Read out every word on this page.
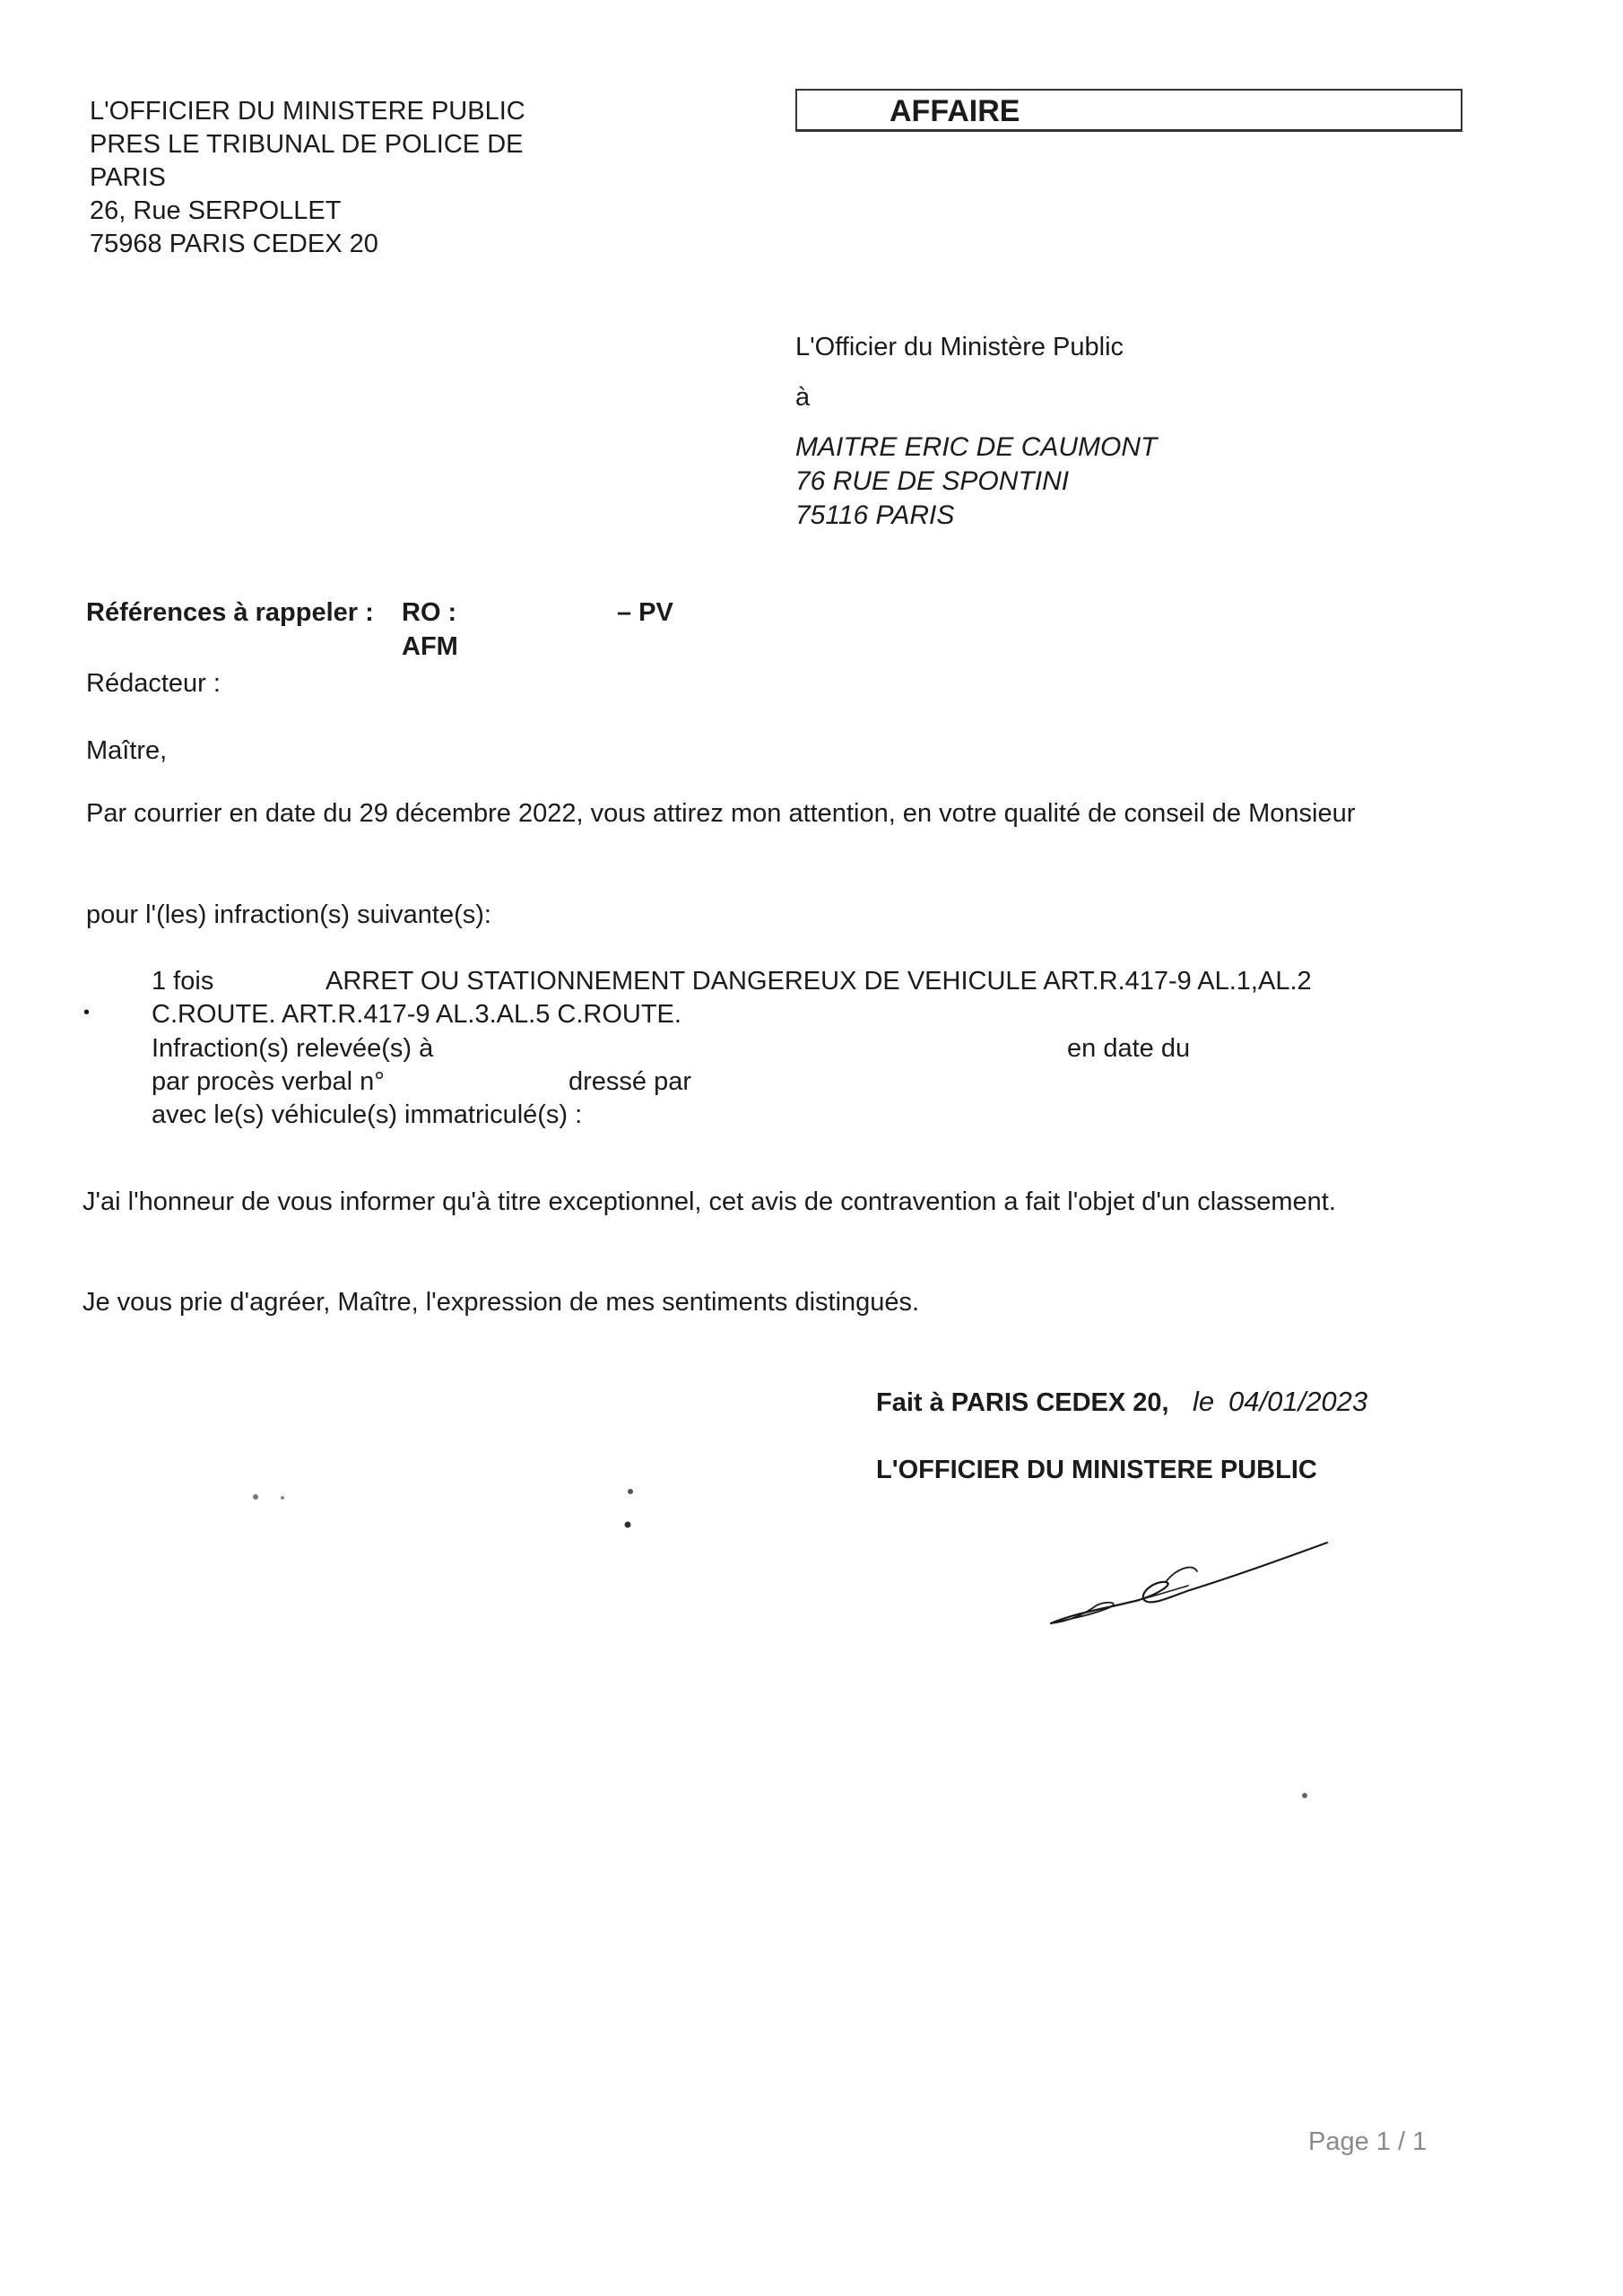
L'OFFICIER DU MINISTERE PUBLIC
PRES LE TRIBUNAL DE POLICE DE
PARIS
26, Rue SERPOLLET
75968 PARIS CEDEX 20
AFFAIRE
L'Officier du Ministère Public
à
MAITRE ERIC DE CAUMONT
76 RUE DE SPONTINI
75116 PARIS
Références à rappeler : RO :	– PV
AFM
Rédacteur :
Maître,
Par courrier en date du 29 décembre 2022, vous attirez mon attention, en votre qualité de conseil de Monsieur
pour l'(les) infraction(s) suivante(s):
1 fois	ARRET OU STATIONNEMENT DANGEREUX DE VEHICULE ART.R.417-9 AL.1,AL.2
• C.ROUTE. ART.R.417-9 AL.3.AL.5 C.ROUTE.
Infraction(s) relevée(s) à	en date du
par procès verbal n°	dressé par
avec le(s) véhicule(s) immatriculé(s) :
J'ai l'honneur de vous informer qu'à titre exceptionnel, cet avis de contravention a fait l'objet d'un classement.
Je vous prie d'agréer, Maître, l'expression de mes sentiments distingués.
Fait à PARIS CEDEX 20, le 04/01/2023
L'OFFICIER DU MINISTERE PUBLIC
Page 1 / 1
